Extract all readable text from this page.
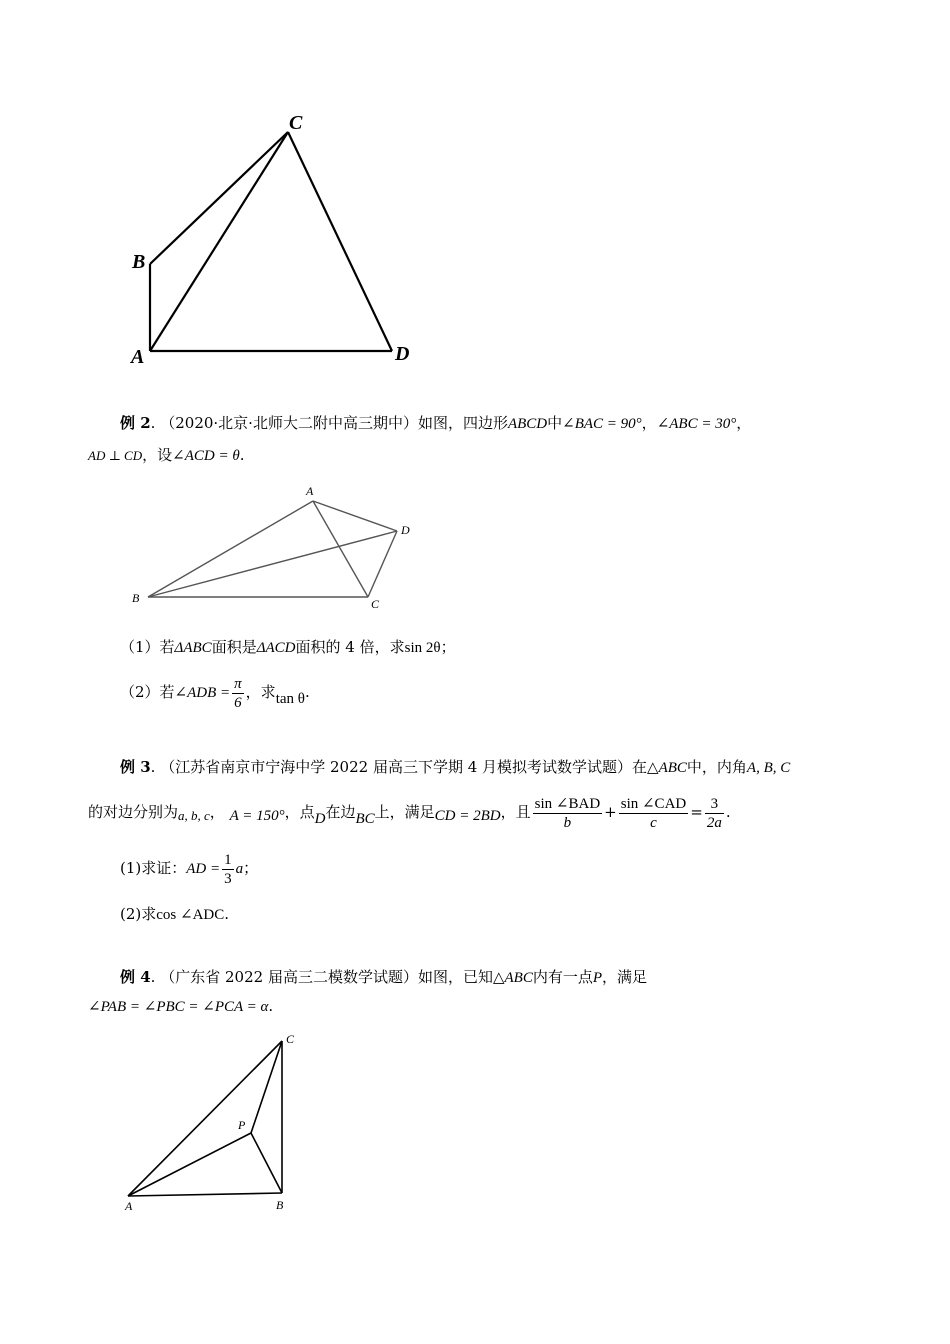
C
B
A	D
例 2. （2020·北京·北师大二附中高三期中）如图，四边形ABCD中∠BAC = 90°，∠ABC = 30°，
AD ⊥ CD，设∠ACD = θ.
A
D
B	C
（1）若ΔABC面积是ΔACD面积的 4 倍，求sin 2θ；
（2）若∠ADB = $\frac{\pi}{6}$ ，求tan θ.
例 3. （江苏省南京市宁海中学 2022 届高三下学期 4 月模拟考试数学试题）在△ABC中，内角A, B, C
的对边分别为a, b, c， A = 150°，点D在边BC上，满足CD = 2BD，且 $\frac{\text{sin ∠BAD}}{b} + \frac{\text{sin ∠CAD}}{c} = \frac{3}{2a}$ .
(1)求证：AD = $\frac{1}{3}$ a；
(2)求cos ∠ADC.
例 4. （广东省 2022 届高三二模数学试题）如图，已知△ABC内有一点P，满足
∠PAB = ∠PBC = ∠PCA = α.
C
P
A	B
